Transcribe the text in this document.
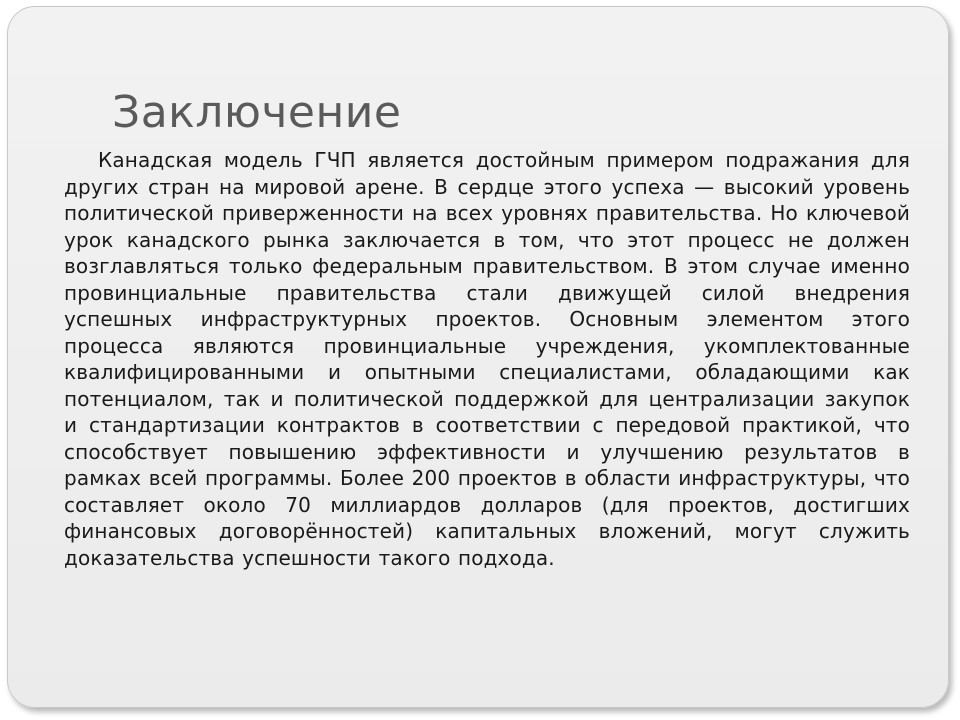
Заключение

Канадская модель ГЧП является достойным примером подражания для других стран на мировой арене. В сердце этого успеха — высокий уровень политической приверженности на всех уровнях правительства. Но ключевой урок канадского рынка заключается в том, что этот процесс не должен возглавляться только федеральным правительством. В этом случае именно провинциальные правительства стали движущей силой внедрения успешных инфраструктурных проектов. Основным элементом этого процесса являются провинциальные учреждения, укомплектованные квалифицированными и опытными специалистами, обладающими как потенциалом, так и политической поддержкой для централизации закупок и стандартизации контрактов в соответствии с передовой практикой, что способствует повышению эффективности и улучшению результатов в рамках всей программы. Более 200 проектов в области инфраструктуры, что составляет около 70 миллиардов долларов (для проектов, достигших финансовых договорённостей) капитальных вложений, могут служить доказательства успешности такого подхода.
